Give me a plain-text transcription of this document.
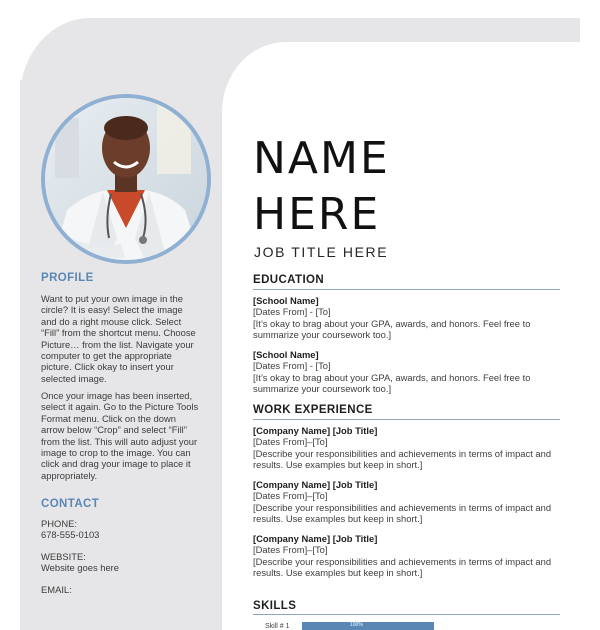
PROFILE

Want to put your own image in the
circle? It is easy! Select the image
and do a right mouse click. Select
“Fill” from the shortcut menu. Choose
Picture… from the list. Navigate your
computer to get the appropriate
picture. Click okay to insert your
selected image.

Once your image has been inserted,
select it again. Go to the Picture Tools
Format menu. Click on the down
arrow below “Crop” and select “Fill”
from the list. This will auto adjust your
image to crop to the image. You can
click and drag your image to place it
appropriately.

CONTACT
PHONE:
678-555-0103
WEBSITE:
Website goes here
EMAIL:
NAME
HERE
JOB TITLE HERE
EDUCATION

[School Name]

[Dates From] - [To]

[It’s okay to brag about your GPA, awards, and honors. Feel free to summarize your coursework too.]

[School Name]

[Dates From] - [To]

[It’s okay to brag about your GPA, awards, and honors. Feel free to summarize your coursework too.]

WORK EXPERIENCE

[Company Name] [Job Title]

[Dates From]–[To]

[Describe your responsibilities and achievements in terms of impact and results. Use examples but keep in short.]

[Company Name] [Job Title]

[Dates From]–[To]

[Describe your responsibilities and achievements in terms of impact and results. Use examples but keep in short.]

[Company Name] [Job Title]

[Dates From]–[To]

[Describe your responsibilities and achievements in terms of impact and results. Use examples but keep in short.]

SKILLS
Skill # 1	100%
